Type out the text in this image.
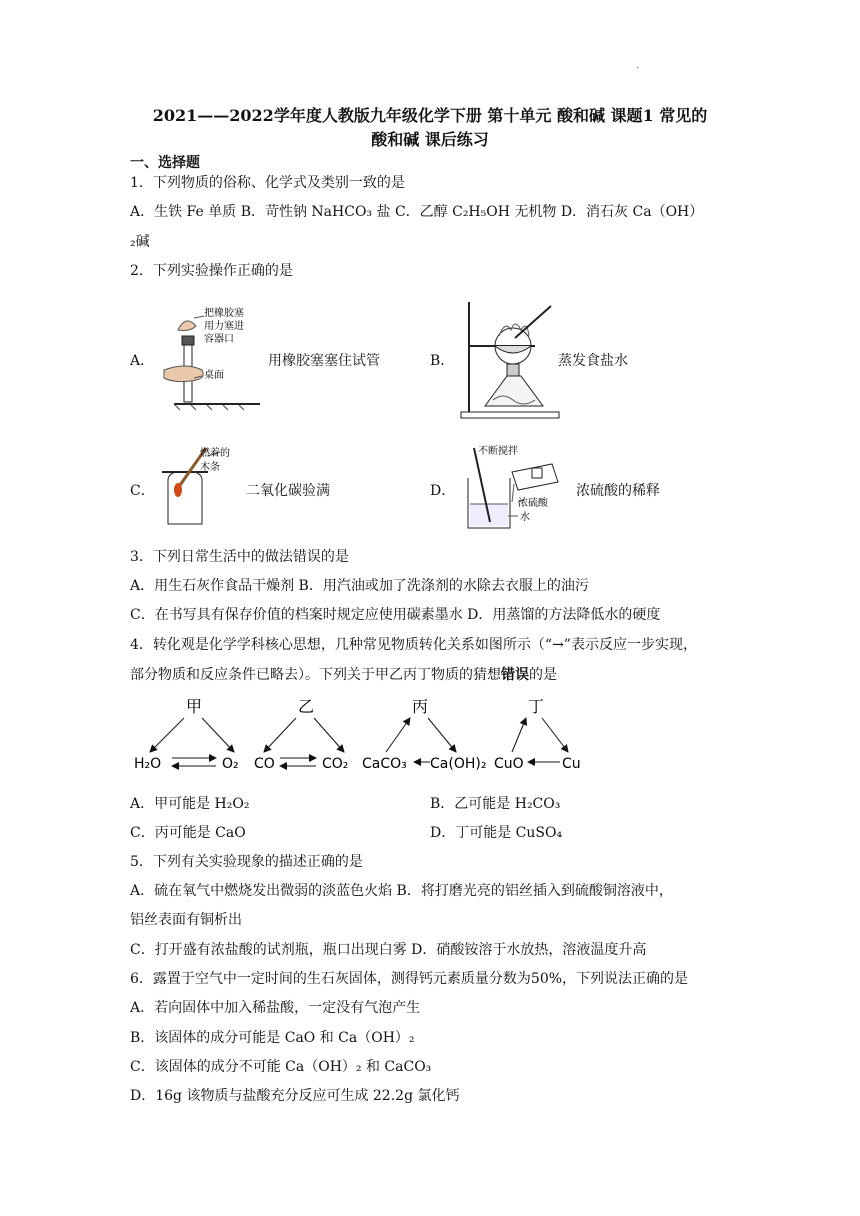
.
2021——2022学年度人教版九年级化学下册 第十单元 酸和碱 课题1 常见的
酸和碱 课后练习
一、选择题
1．下列物质的俗称、化学式及类别一致的是
A．生铁 Fe 单质 B．苛性钠 NaHCO₃ 盐 C．乙醇 C₂H₅OH 无机物 D．消石灰 Ca（OH）
₂碱
2．下列实验操作正确的是
A．
把橡胶塞
用力塞进
容器口
桌面
用橡胶塞塞住试管	B．	蒸发食盐水
C．
燃着的
木条
二氧化碳验满	D．
不断搅拌
浓硫酸
水
浓硫酸的稀释
3．下列日常生活中的做法错误的是
A．用生石灰作食品干燥剂 B．用汽油或加了洗涤剂的水除去衣服上的油污
C．在书写具有保存价值的档案时规定应使用碳素墨水 D．用蒸馏的方法降低水的硬度
4．转化观是化学学科核心思想，几种常见物质转化关系如图所示（“→”表示反应一步实现，
部分物质和反应条件已略去）。下列关于甲乙丙丁物质的猜想错误的是
甲
H₂O	O₂
乙
CO	CO₂
丙
CaCO₃ Ca(OH)₂
丁
CuO	Cu
A．甲可能是 H₂O₂	B．乙可能是 H₂CO₃
C．丙可能是 CaO	D．丁可能是 CuSO₄
5．下列有关实验现象的描述正确的是
A．硫在氧气中燃烧发出微弱的淡蓝色火焰 B．将打磨光亮的铝丝插入到硫酸铜溶液中，
铝丝表面有铜析出
C．打开盛有浓盐酸的试剂瓶，瓶口出现白雾 D．硝酸铵溶于水放热，溶液温度升高
6．露置于空气中一定时间的生石灰固体，测得钙元素质量分数为50%，下列说法正确的是
A．若向固体中加入稀盐酸，一定没有气泡产生
B．该固体的成分可能是 CaO 和 Ca（OH）₂
C．该固体的成分不可能 Ca（OH）₂ 和 CaCO₃
D．16g 该物质与盐酸充分反应可生成 22.2g 氯化钙
